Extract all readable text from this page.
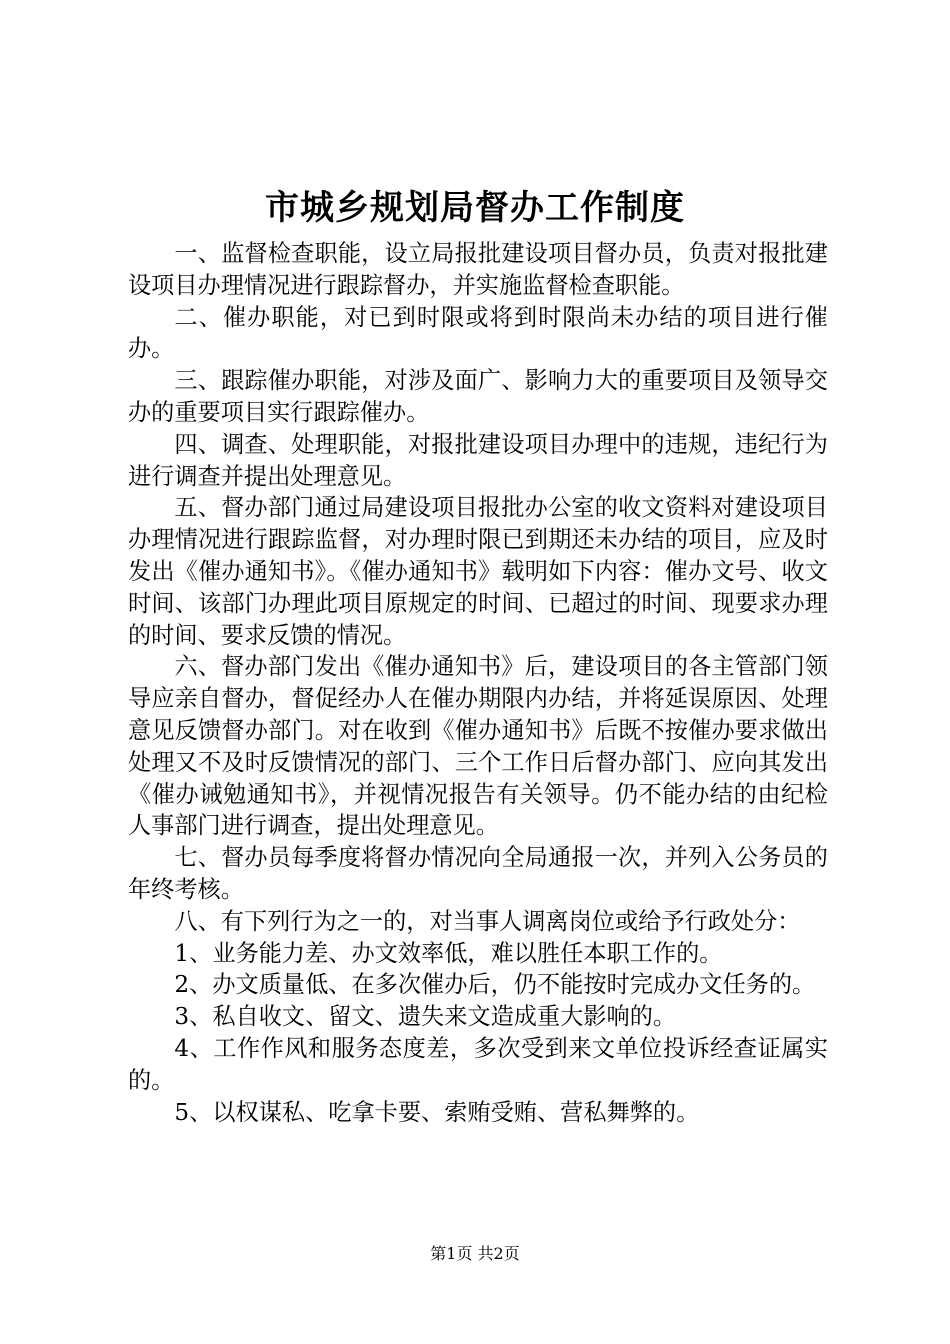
市城乡规划局督办工作制度

一、监督检查职能，设立局报批建设项目督办员，负责对报批建设项目办理情况进行跟踪督办，并实施监督检查职能。

二、催办职能，对已到时限或将到时限尚未办结的项目进行催办。

三、跟踪催办职能，对涉及面广、影响力大的重要项目及领导交办的重要项目实行跟踪催办。

四、调查、处理职能，对报批建设项目办理中的违规，违纪行为进行调查并提出处理意见。

五、督办部门通过局建设项目报批办公室的收文资料对建设项目办理情况进行跟踪监督，对办理时限已到期还未办结的项目，应及时发出《催办通知书》。《催办通知书》载明如下内容：催办文号、收文时间、该部门办理此项目原规定的时间、已超过的时间、现要求办理的时间、要求反馈的情况。

六、督办部门发出《催办通知书》后，建设项目的各主管部门领导应亲自督办，督促经办人在催办期限内办结，并将延误原因、处理意见反馈督办部门。对在收到《催办通知书》后既不按催办要求做出处理又不及时反馈情况的部门、三个工作日后督办部门、应向其发出《催办诫勉通知书》，并视情况报告有关领导。仍不能办结的由纪检人事部门进行调查，提出处理意见。

七、督办员每季度将督办情况向全局通报一次，并列入公务员的年终考核。

八、有下列行为之一的，对当事人调离岗位或给予行政处分：

1、业务能力差、办文效率低，难以胜任本职工作的。

2、办文质量低、在多次催办后，仍不能按时完成办文任务的。

3、私自收文、留文、遗失来文造成重大影响的。

4、工作作风和服务态度差，多次受到来文单位投诉经查证属实的。

5、以权谋私、吃拿卡要、索贿受贿、营私舞弊的。

第1页 共2页
